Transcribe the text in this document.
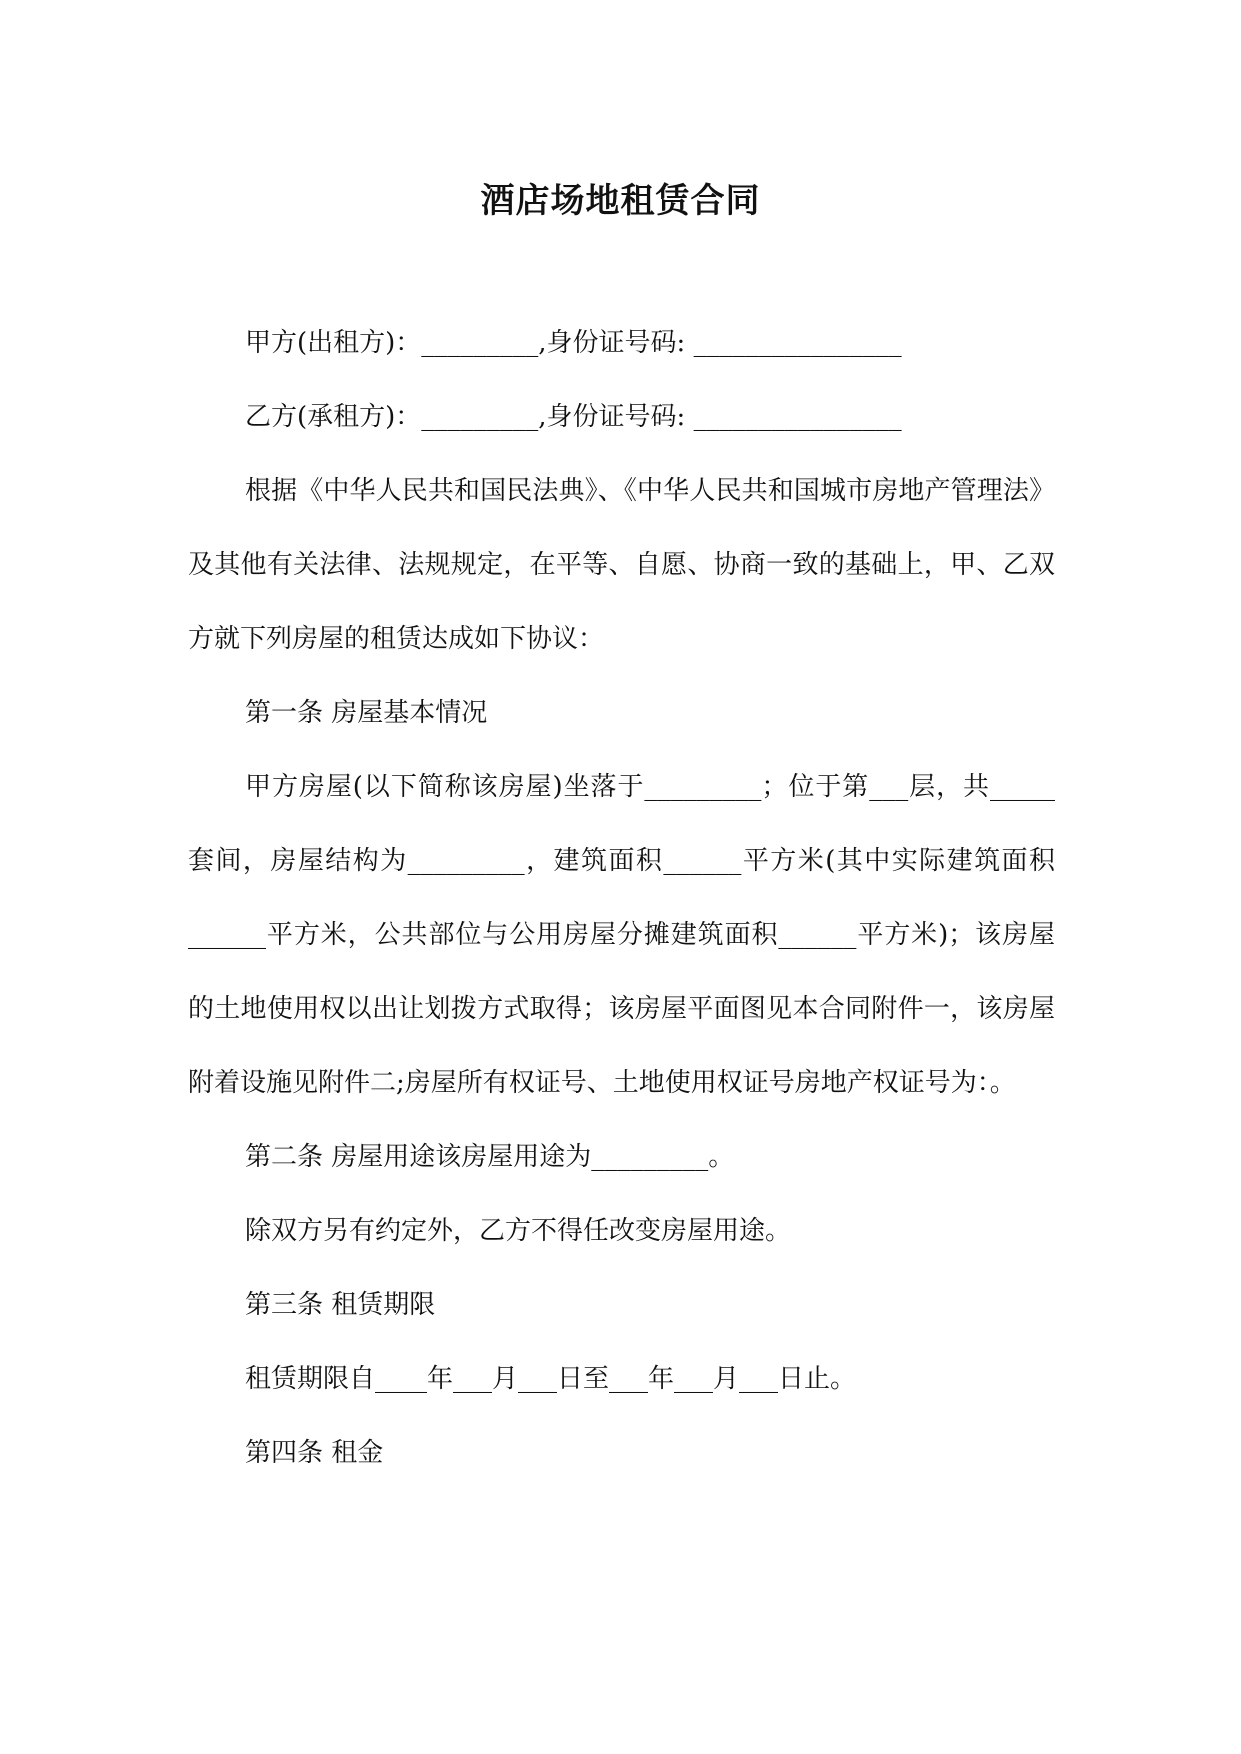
酒店场地租赁合同

甲方(出租方)：_________,身份证号码: ________________

乙方(承租方)：_________,身份证号码: ________________

根据《中华人民共和国民法典》、《中华人民共和国城市房地产管理法》及其他有关法律、法规规定，在平等、自愿、协商一致的基础上，甲、乙双方就下列房屋的租赁达成如下协议：

第一条 房屋基本情况

甲方房屋(以下简称该房屋)坐落于_________；位于第___层，共_____ 套间，房屋结构为_________，建筑面积______平方米(其中实际建筑面积______平方米，公共部位与公用房屋分摊建筑面积______平方米)；该房屋的土地使用权以出让划拨方式取得；该房屋平面图见本合同附件一，该房屋附着设施见附件二;房屋所有权证号、土地使用权证号房地产权证号为：。

第二条 房屋用途该房屋用途为_________。

除双方另有约定外，乙方不得任改变房屋用途。

第三条 租赁期限

租赁期限自____年___月___日至___年___月___日止。

第四条 租金
